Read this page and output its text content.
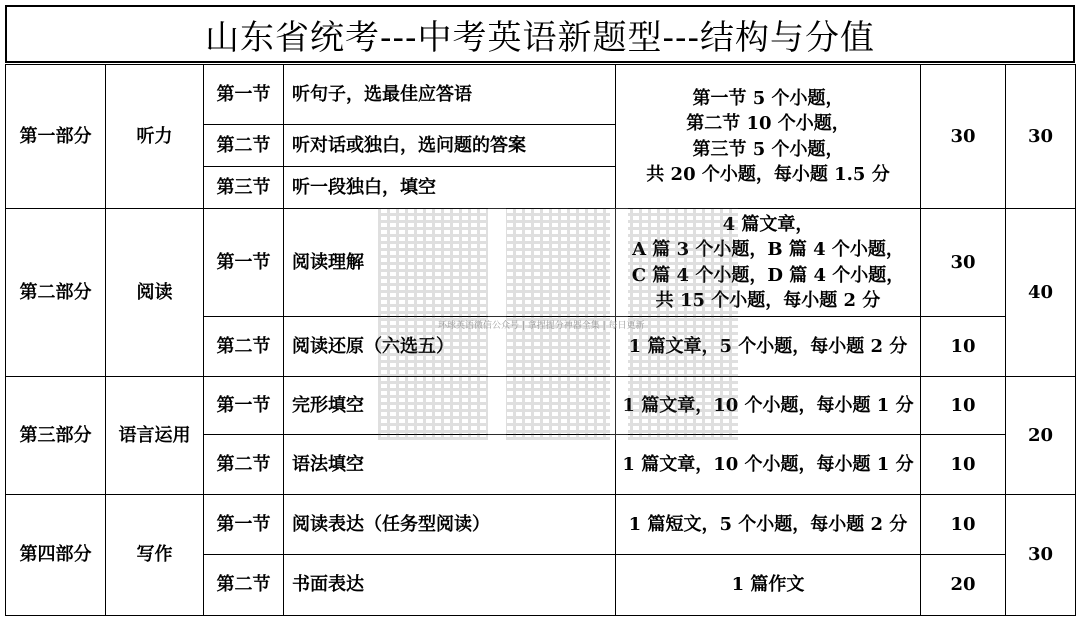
山东省统考---中考英语新题型---结构与分值
第一部分	听力	第一节	听句子，选最佳应答语	第一节 5 个小题，
第二节 10 个小题，
第三节 5 个小题，
共 20 个小题，每小题 1.5 分	30	30
		第二节	听对话或独白，选问题的答案			
		第三节	听一段独白，填空			
第二部分	阅读	第一节	阅读理解	4 篇文章，
A 篇 3 个小题，B 篇 4 个小题，
C 篇 4 个小题，D 篇 4 个小题，
共 15 个小题，每小题 2 分	30	40
		第二节	阅读还原（六选五）	1 篇文章，5 个小题，每小题 2 分	10	
第三部分	语言运用	第一节	完形填空	1 篇文章，10 个小题，每小题 1 分	10	20
		第二节	语法填空	1 篇文章，10 个小题，每小题 1 分	10	
第四部分	写作	第一节	阅读表达（任务型阅读）	1 篇短文，5 个小题，每小题 2 分	10	30
		第二节	书面表达	1 篇作文	20	
环球英语微信公众号 | 拿捏提分神器全集 | 每日更新
